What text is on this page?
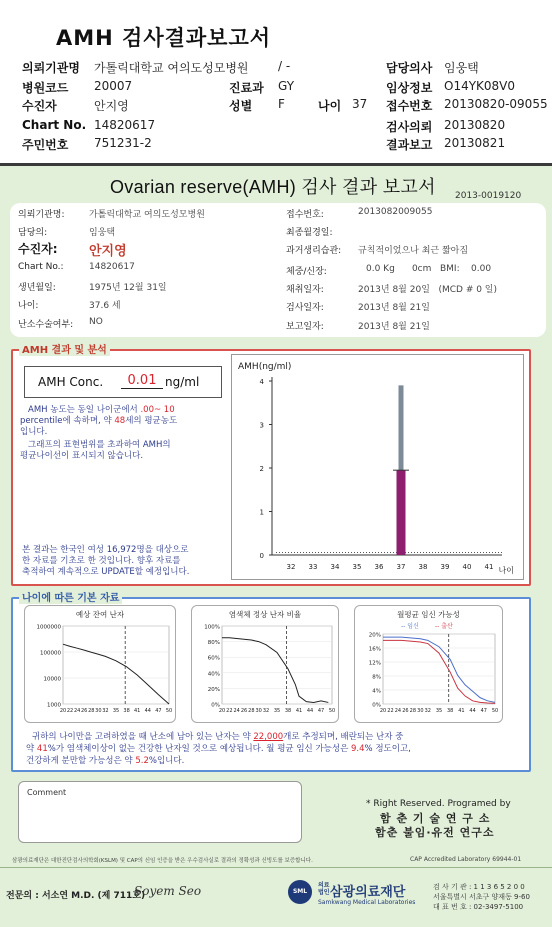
AMH 검사결과보고서
의뢰기관명 가톨릭대학교 여의도성모병원 / -	담당의사 임웅택
병원코드 20007	진료과 GY	임상정보 O14YK08V0
수진자	안지영	성별 F	나이 37 접수번호 20130820-09055
Chart No. 14820617	검사의뢰 20130820
주민번호 751231-2	결과보고 20130821
Ovarian reserve(AMH) 검사 결과 보고서 2013-0019120
의뢰기관명:	가톨릭대학교 여의도성모병원
담당의:	임웅택
수진자: 안지영
Chart No.:	14820617
생년월일:	1975년 12월 31일
나이:	37.6 세
난소수술여부: NO
접수번호:	2013082009055
최종월경일:
과거생리습관: 규칙적이었으나 최근 짧아짐
체중/신장:	0.0 Kg      0cm   BMI:    0.00
채취일자:	2013년 8월 20일   (MCD # 0 일)
검사일자:	2013년 8월 21일
보고일자:	2013년 8월 21일
AMH 결과 및 분석
AMH Conc.	0.01 ng/ml
AMH 농도는 동일 나이군에서 .00~ 10
percentile에 속하며, 약 48세의 평균농도
입니다.
그래프의 표현범위를 초과하여 AMH의
평균나이선이 표시되지 않습니다.
본 결과는 한국인 여성 16,972명을 대상으로
한 자료를 기초로 한 것입니다. 향후 자료를
축적하여 계속적으로 UPDATE할 예정입니다.
AMH(ng/ml)
0
1
2
3
4
32 33 34 35 36 37 38 39 40 41 나이
나이에 따른 기본 자료
예상 잔여 난자
1000000
100000
10000
1000
20 22 24 26 28 30 32 35 38 41 44 47 50
염색체 정상 난자 비율
100%
80%
60%
40%
20%
0%
20 22 24 26 28 30 32 35 38 41 44 47 50
월평균 임신 가능성
20%
16%
12%
8%
4%
0%
20 22 24 26 28 30 32 35 38 41 44 47 50
-- 임신	-- 출산
귀하의 나이만을 고려하였을 때 난소에 남아 있는 난자는 약 22,000개로 추정되며, 배란되는 난자 중
약 41%가 염색체이상이 없는 건강한 난자일 것으로 예상됩니다. 월 평균 임신 가능성은 9.4% 정도이고,
건강하게 분만할 가능성은 약 5.2%입니다.
Comment
* Right Reserved. Programed by
함 춘 기 술 연 구 소
함춘 불임·유전 연구소
삼광의료재단은 대한진단검사의학회(KSLM) 및 CAP의 신임 인증을 받은 우수검사실로 결과의 정확성과 신빙도를 보증합니다.	CAP Accredited Laboratory 69944-01
전문의 : 서소연 M.D. (제 711호)
Soyem Seo	SML
의료
법인 삼광의료재단
Samkwang Medical Laboratories
검 사 기 관 : 1 1 3 6 5 2 0 0
서울특별시 서초구 양재동 9-60
대 표 번 호 : 02-3497-5100
